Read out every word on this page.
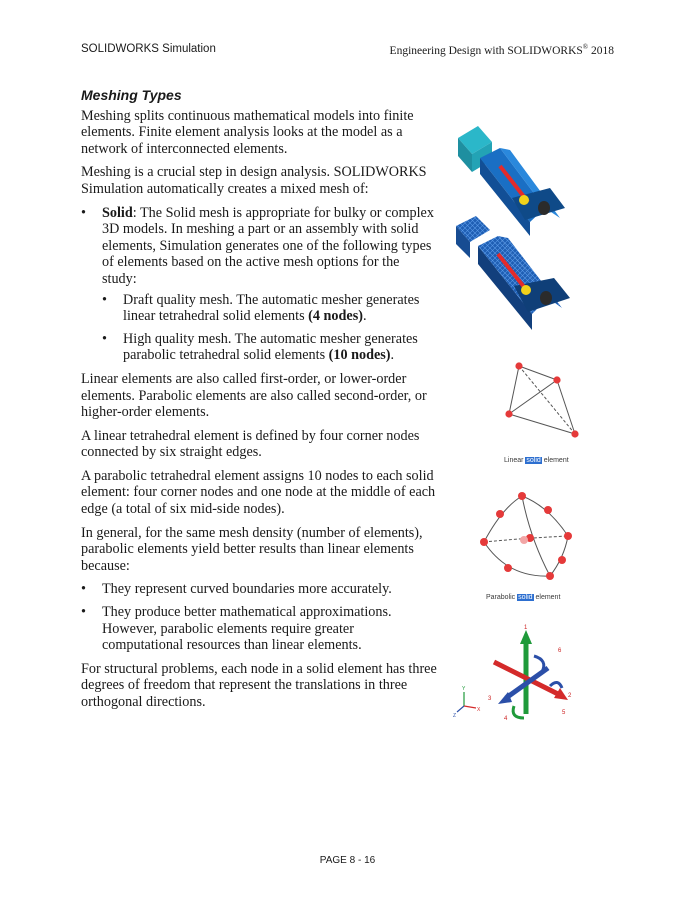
SOLIDWORKS Simulation	Engineering Design with SOLIDWORKS® 2018
Meshing Types

Meshing splits continuous mathematical models into finite elements. Finite element analysis looks at the model as a network of interconnected elements.

Meshing is a crucial step in design analysis. SOLIDWORKS Simulation automatically creates a mixed mesh of:

• Solid: The Solid mesh is appropriate for bulky or complex 3D models. In meshing a part or an assembly with solid elements, Simulation generates one of the following types of elements based on the active mesh options for the study:
• Draft quality mesh. The automatic mesher generates linear tetrahedral solid elements (4 nodes).
• High quality mesh. The automatic mesher generates parabolic tetrahedral solid elements (10 nodes).

Linear elements are also called first-order, or lower-order elements. Parabolic elements are also called second-order, or higher-order elements.

A linear tetrahedral element is defined by four corner nodes connected by six straight edges.

A parabolic tetrahedral element assigns 10 nodes to each solid element: four corner nodes and one node at the middle of each edge (a total of six mid-side nodes).

In general, for the same mesh density (number of elements), parabolic elements yield better results than linear elements because:

• They represent curved boundaries more accurately.
• They produce better mathematical approximations. However, parabolic elements require greater computational resources than linear elements.

For structural problems, each node in a solid element has three degrees of freedom that represent the translations in three orthogonal directions.

Linear solid element
Parabolic solid element
1
2
3
4
5
6
Y
X
Z
PAGE 8 - 16
